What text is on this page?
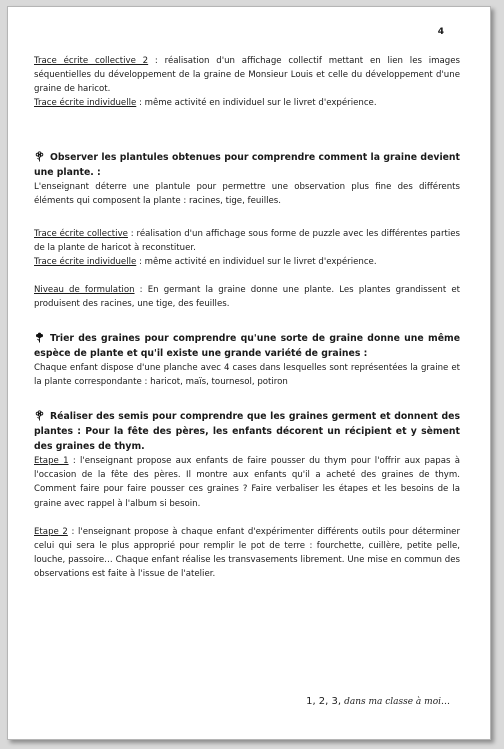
4

Trace écrite collective 2 : réalisation d'un affichage collectif mettant en lien les images séquentielles du développement de la graine de Monsieur Louis et celle du développement d'une graine de haricot.

Trace écrite individuelle : même activité en individuel sur le livret d'expérience.

Observer les plantules obtenues pour comprendre comment la graine devient une plante. :

L'enseignant déterre une plantule pour permettre une observation plus fine des différents éléments qui composent la plante : racines, tige, feuilles.

Trace écrite collective : réalisation d'un affichage sous forme de puzzle avec les différentes parties de la plante de haricot à reconstituer.

Trace écrite individuelle : même activité en individuel sur le livret d'expérience.

Niveau de formulation : En germant la graine donne une plante. Les plantes grandissent et produisent des racines, une tige, des feuilles.

Trier des graines pour comprendre qu'une sorte de graine donne une même espèce de plante et qu'il existe une grande variété de graines :

Chaque enfant dispose d'une planche avec 4 cases dans lesquelles sont représentées la graine et la plante correspondante : haricot, maïs, tournesol, potiron

Réaliser des semis pour comprendre que les graines germent et donnent des plantes : Pour la fête des pères, les enfants décorent un récipient et y sèment des graines de thym.

Etape 1 : l'enseignant propose aux enfants de faire pousser du thym pour l'offrir aux papas à l'occasion de la fête des pères. Il montre aux enfants qu'il a acheté des graines de thym. Comment faire pour faire pousser ces graines ? Faire verbaliser les étapes et les besoins de la graine avec rappel à l'album si besoin.

Etape 2 : l'enseignant propose à chaque enfant d'expérimenter différents outils pour déterminer celui qui sera le plus approprié pour remplir le pot de terre : fourchette, cuillère, petite pelle, louche, passoire… Chaque enfant réalise les transvasements librement. Une mise en commun des observations est faite à l'issue de l'atelier.

1, 2, 3, dans ma classe à moi…
